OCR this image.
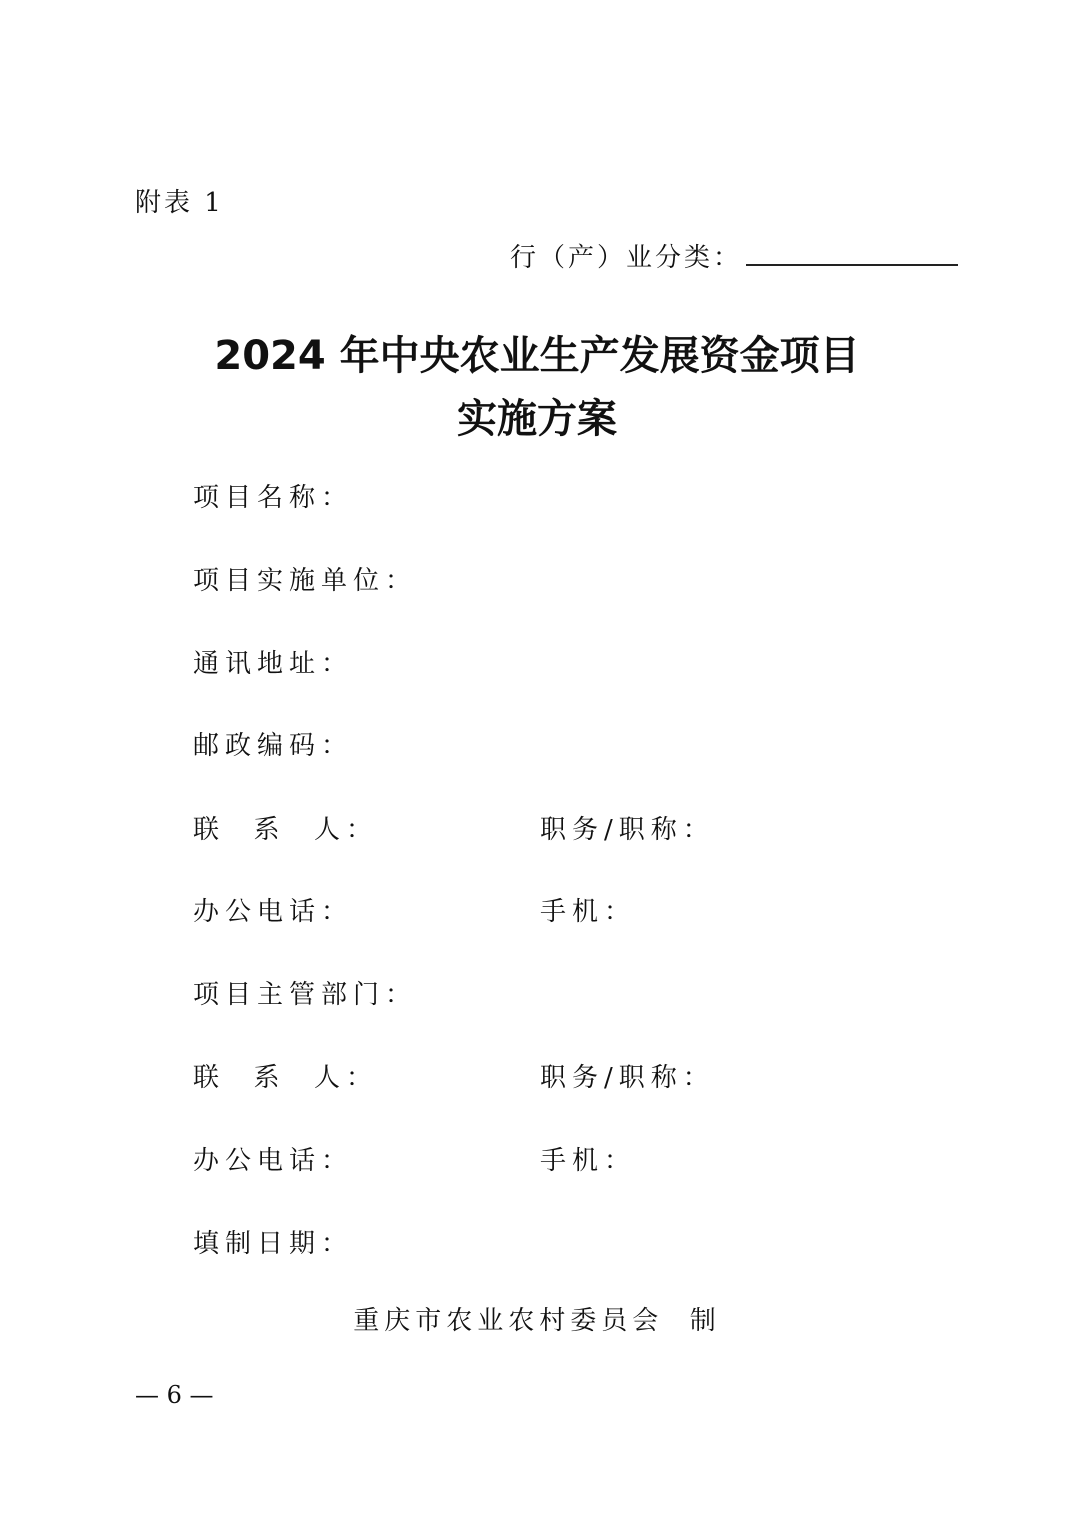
附表 1
行（产）业分类：
2024 年中央农业生产发展资金项目
实施方案
项目名称：
项目实施单位：
通讯地址：
邮政编码：
联  系  人：	职务/职称：
办公电话：	手机：
项目主管部门：
联  系  人：	职务/职称：
办公电话：	手机：
填制日期：
重庆市农业农村委员会  制
— 6 —
